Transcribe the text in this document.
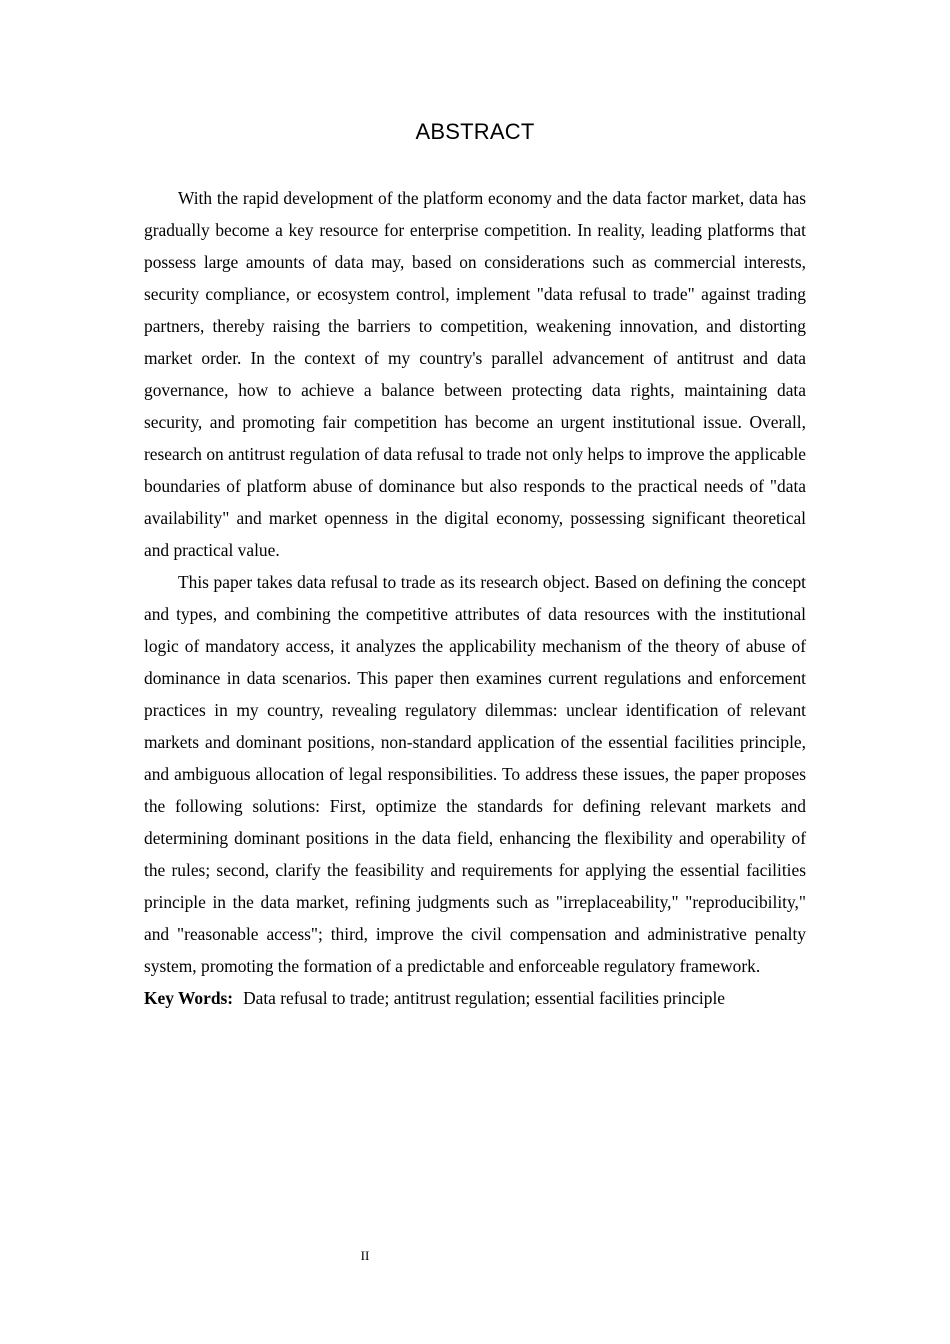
ABSTRACT

With the rapid development of the platform economy and the data factor market, data has gradually become a key resource for enterprise competition. In reality, leading platforms that possess large amounts of data may, based on considerations such as commercial interests, security compliance, or ecosystem control, implement "data refusal to trade" against trading partners, thereby raising the barriers to competition, weakening innovation, and distorting market order. In the context of my country's parallel advancement of antitrust and data governance, how to achieve a balance between protecting data rights, maintaining data security, and promoting fair competition has become an urgent institutional issue. Overall, research on antitrust regulation of data refusal to trade not only helps to improve the applicable boundaries of platform abuse of dominance but also responds to the practical needs of "data availability" and market openness in the digital economy, possessing significant theoretical and practical value.

This paper takes data refusal to trade as its research object. Based on defining the concept and types, and combining the competitive attributes of data resources with the institutional logic of mandatory access, it analyzes the applicability mechanism of the theory of abuse of dominance in data scenarios. This paper then examines current regulations and enforcement practices in my country, revealing regulatory dilemmas: unclear identification of relevant markets and dominant positions, non-standard application of the essential facilities principle, and ambiguous allocation of legal responsibilities. To address these issues, the paper proposes the following solutions: First, optimize the standards for defining relevant markets and determining dominant positions in the data field, enhancing the flexibility and operability of the rules; second, clarify the feasibility and requirements for applying the essential facilities principle in the data market, refining judgments such as "irreplaceability," "reproducibility," and "reasonable access"; third, improve the civil compensation and administrative penalty system, promoting the formation of a predictable and enforceable regulatory framework.

Key Words: Data refusal to trade; antitrust regulation; essential facilities principle

II
